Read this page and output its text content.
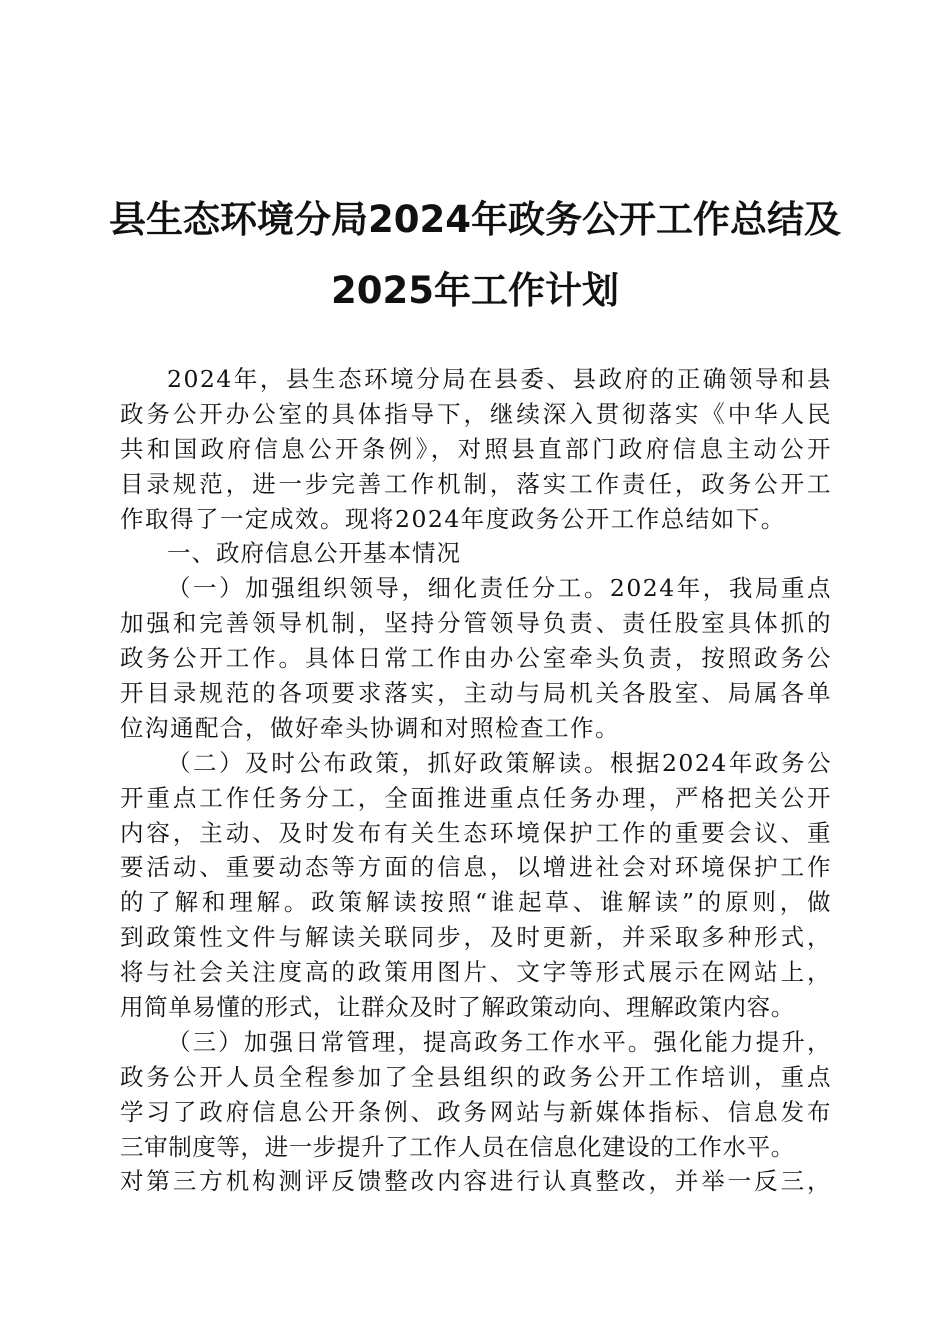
县生态环境分局2024年政务公开工作总结及
2025年工作计划
2024年，县生态环境分局在县委、县政府的正确领导和县
政务公开办公室的具体指导下，继续深入贯彻落实《中华人民
共和国政府信息公开条例》，对照县直部门政府信息主动公开
目录规范，进一步完善工作机制，落实工作责任，政务公开工
作取得了一定成效。现将2024年度政务公开工作总结如下。
一、政府信息公开基本情况
（一）加强组织领导，细化责任分工。2024年，我局重点
加强和完善领导机制，坚持分管领导负责、责任股室具体抓的
政务公开工作。具体日常工作由办公室牵头负责，按照政务公
开目录规范的各项要求落实，主动与局机关各股室、局属各单
位沟通配合，做好牵头协调和对照检查工作。
（二）及时公布政策，抓好政策解读。根据2024年政务公
开重点工作任务分工，全面推进重点任务办理，严格把关公开
内容，主动、及时发布有关生态环境保护工作的重要会议、重
要活动、重要动态等方面的信息，以增进社会对环境保护工作
的了解和理解。政策解读按照“谁起草、谁解读”的原则，做
到政策性文件与解读关联同步，及时更新，并采取多种形式，
将与社会关注度高的政策用图片、文字等形式展示在网站上，
用简单易懂的形式，让群众及时了解政策动向、理解政策内容。
（三）加强日常管理，提高政务工作水平。强化能力提升，
政务公开人员全程参加了全县组织的政务公开工作培训，重点
学习了政府信息公开条例、政务网站与新媒体指标、信息发布
三审制度等，进一步提升了工作人员在信息化建设的工作水平。
对第三方机构测评反馈整改内容进行认真整改，并举一反三，
